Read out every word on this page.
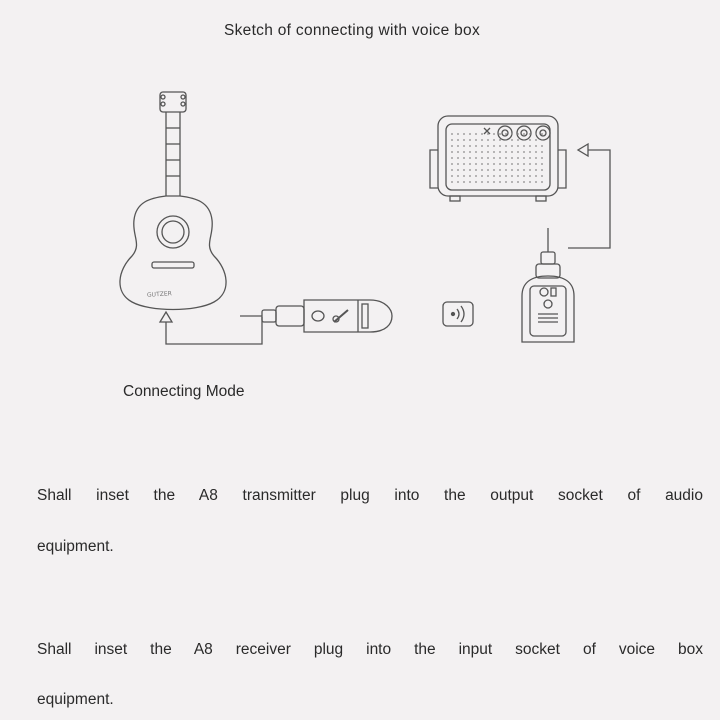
Sketch of connecting with voice box
GUTZER
Connecting Mode

Shall inset the A8 transmitter plug into the output socket of audio

equipment.

Shall inset the A8 receiver plug into the input socket of voice box

equipment.
